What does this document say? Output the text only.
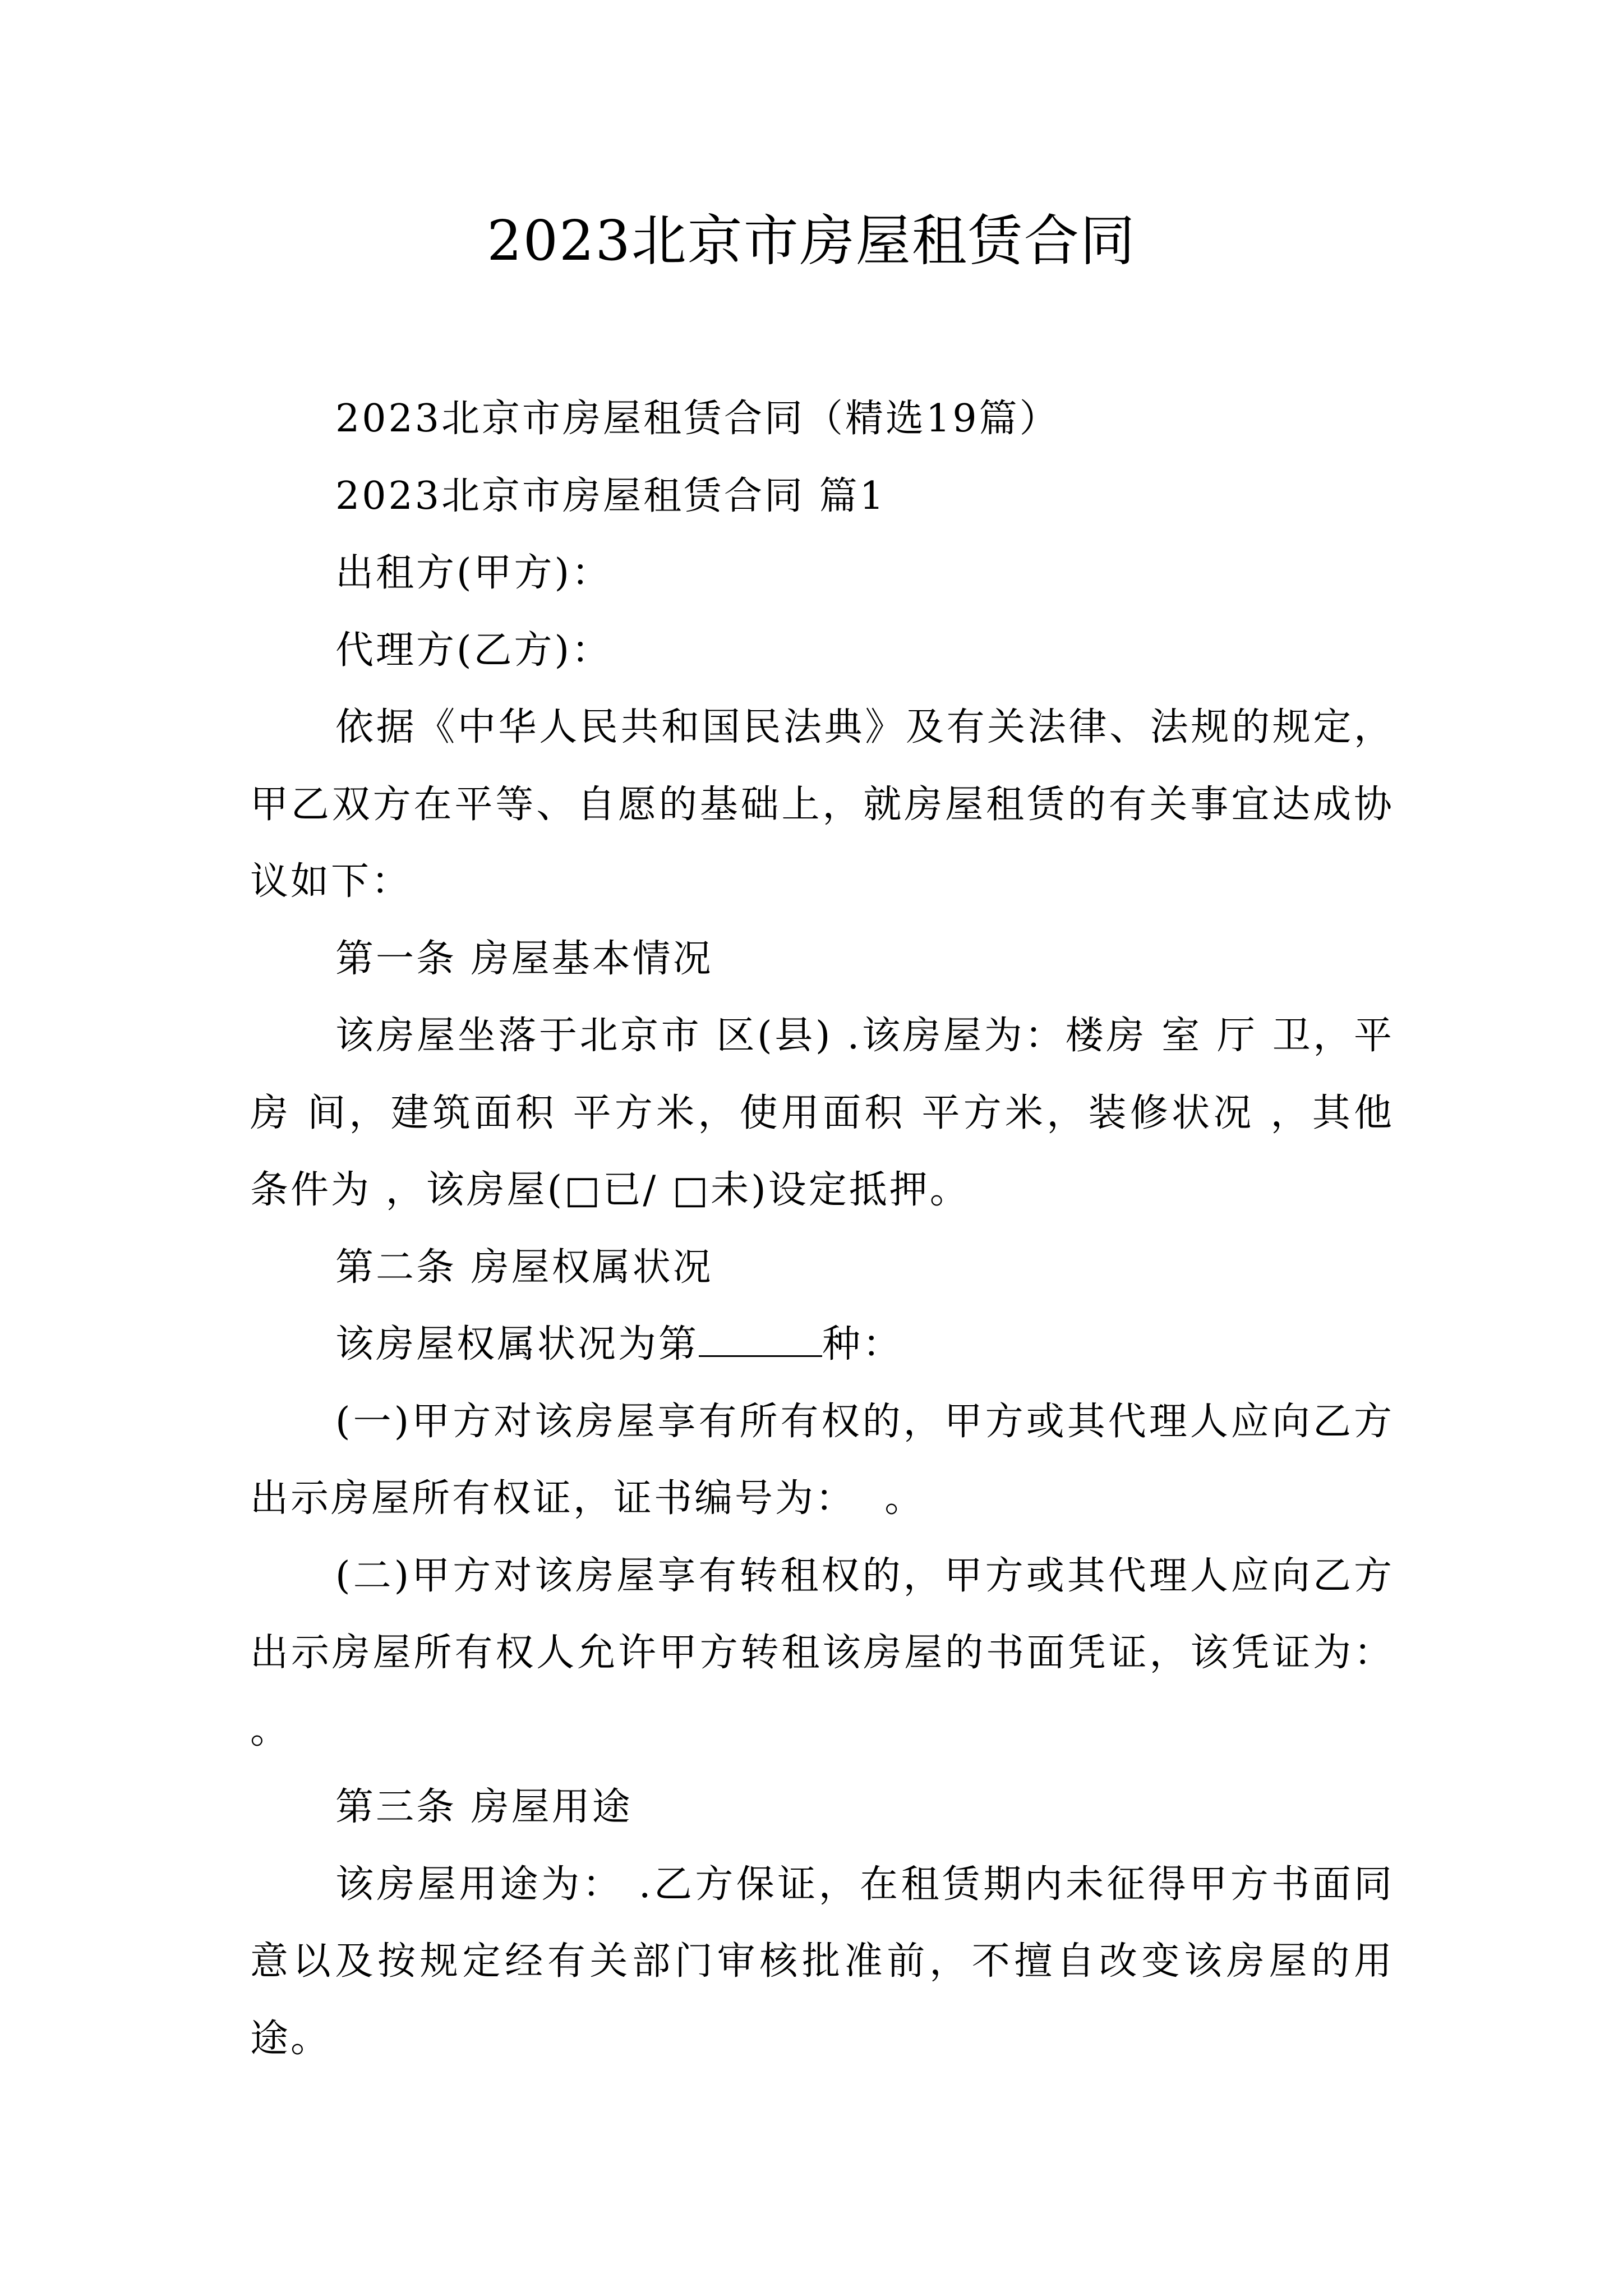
2023北京市房屋租赁合同

2023北京市房屋租赁合同（精选19篇）

2023北京市房屋租赁合同 篇1

出租方(甲方)：

代理方(乙方)：

依据《中华人民共和国民法典》及有关法律、法规的规定，甲乙双方在平等、自愿的基础上，就房屋租赁的有关事宜达成协议如下：

第一条 房屋基本情况

该房屋坐落于北京市 区(县) .该房屋为：楼房 室 厅 卫，平房 间，建筑面积 平方米，使用面积 平方米，装修状况 ，其他条件为 ，该房屋(□已/ □未)设定抵押。

第二条 房屋权属状况

该房屋权属状况为第	种：

(一)甲方对该房屋享有所有权的，甲方或其代理人应向乙方出示房屋所有权证，证书编号为：  。

(二)甲方对该房屋享有转租权的，甲方或其代理人应向乙方出示房屋所有权人允许甲方转租该房屋的书面凭证，该凭证为：  。

第三条 房屋用途

该房屋用途为： .乙方保证，在租赁期内未征得甲方书面同意以及按规定经有关部门审核批准前，不擅自改变该房屋的用途。
